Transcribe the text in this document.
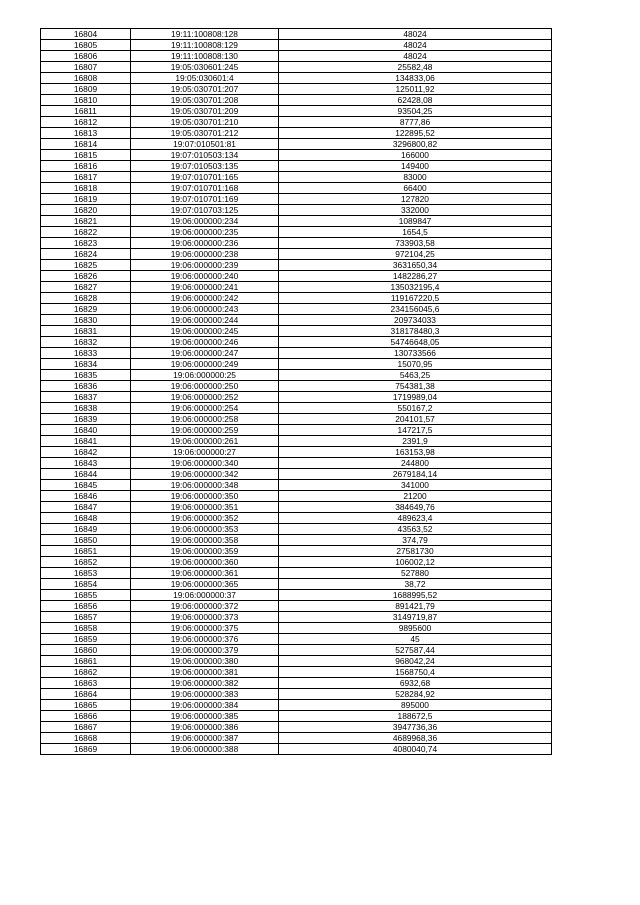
16804	19:11:100808:128	48024
16805	19:11:100808:129	48024
16806	19:11:100808:130	48024
16807	19:05:030601:245	25582,48
16808	19:05:030601:4	134833,06
16809	19:05:030701:207	125011,92
16810	19:05:030701:208	62428,08
16811	19:05:030701:209	93504,25
16812	19:05:030701:210	8777,86
16813	19:05:030701:212	122895,52
16814	19:07:010501:81	3296800,82
16815	19:07:010503:134	166000
16816	19:07:010503:135	149400
16817	19:07:010701:165	83000
16818	19:07:010701:168	66400
16819	19:07:010701:169	127820
16820	19:07:010703:125	332000
16821	19:06:000000:234	1089847
16822	19:06:000000:235	1654,5
16823	19:06:000000:236	733903,58
16824	19:06:000000:238	972104,25
16825	19:06:000000:239	3631650,34
16826	19:06:000000:240	1482286,27
16827	19:06:000000:241	135032195,4
16828	19:06:000000:242	119167220,5
16829	19:06:000000:243	234156045,6
16830	19:06:000000:244	209734033
16831	19:06:000000:245	318178480,3
16832	19:06:000000:246	54746648,05
16833	19:06:000000:247	130733566
16834	19:06:000000:249	15070,95
16835	19:06:000000:25	5463,25
16836	19:06:000000:250	754381,38
16837	19:06:000000:252	1719989,04
16838	19:06:000000:254	550167,2
16839	19:06:000000:258	204101,57
16840	19:06:000000:259	147217,5
16841	19:06:000000:261	2391,9
16842	19:06:000000:27	163153,98
16843	19:06:000000:340	244800
16844	19:06:000000:342	2679184,14
16845	19:06:000000:348	341000
16846	19:06:000000:350	21200
16847	19:06:000000:351	384649,76
16848	19:06:000000:352	489623,4
16849	19:06:000000:353	43563,52
16850	19:06:000000:358	374,79
16851	19:06:000000:359	27581730
16852	19:06:000000:360	106002,12
16853	19:06:000000:361	527880
16854	19:06:000000:365	38,72
16855	19:06:000000:37	1688995,52
16856	19:06:000000:372	891421,79
16857	19:06:000000:373	3149719,87
16858	19:06:000000:375	9895600
16859	19:06:000000:376	45
16860	19:06:000000:379	527587,44
16861	19:06:000000:380	968042,24
16862	19:06:000000:381	1568750,4
16863	19:06:000000:382	6932,68
16864	19:06:000000:383	528284,92
16865	19:06:000000:384	895000
16866	19:06:000000:385	188672,5
16867	19:06:000000:386	3947736,36
16868	19:06:000000:387	4689968,36
16869	19:06:000000:388	4080040,74
